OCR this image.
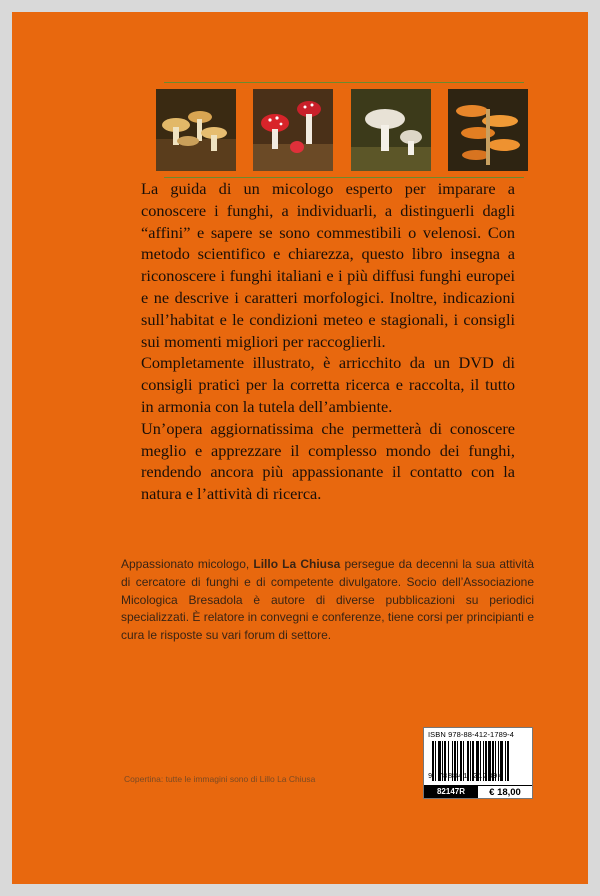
La guida di un micologo esperto per imparare a conoscere i funghi, a individuarli, a distinguerli dagli “affini” e sapere se sono commestibili o velenosi. Con metodo scientifico e chiarezza, questo libro insegna a riconoscere i funghi italiani e i più diffusi funghi europei e ne descrive i caratteri morfologici. Inoltre, indicazioni sull’habitat e le condizioni meteo e stagionali, i consigli sui momenti migliori per raccoglierli.

Completamente illustrato, è arricchito da un DVD di consigli pratici per la corretta ricerca e raccolta, il tutto in armonia con la tutela dell’ambiente.

Un’opera aggiornatissima che permetterà di conoscere meglio e apprezzare il complesso mondo dei funghi, rendendo ancora più appassionante il contatto con la natura e l’attività di ricerca.

Appassionato micologo, Lillo La Chiusa persegue da decenni la sua attività di cercatore di funghi e di competente divulgatore. Socio dell’Associazione Micologica Bresadola è autore di diverse pubblicazioni su periodici specializzati. È relatore in convegni e conferenze, tiene corsi per principianti e cura le risposte su vari forum di settore.

ISBN 978-88-412-1789-4
9 788841 217894
82147R	€ 18,00
Copertina: tutte le immagini sono di Lillo La Chiusa
